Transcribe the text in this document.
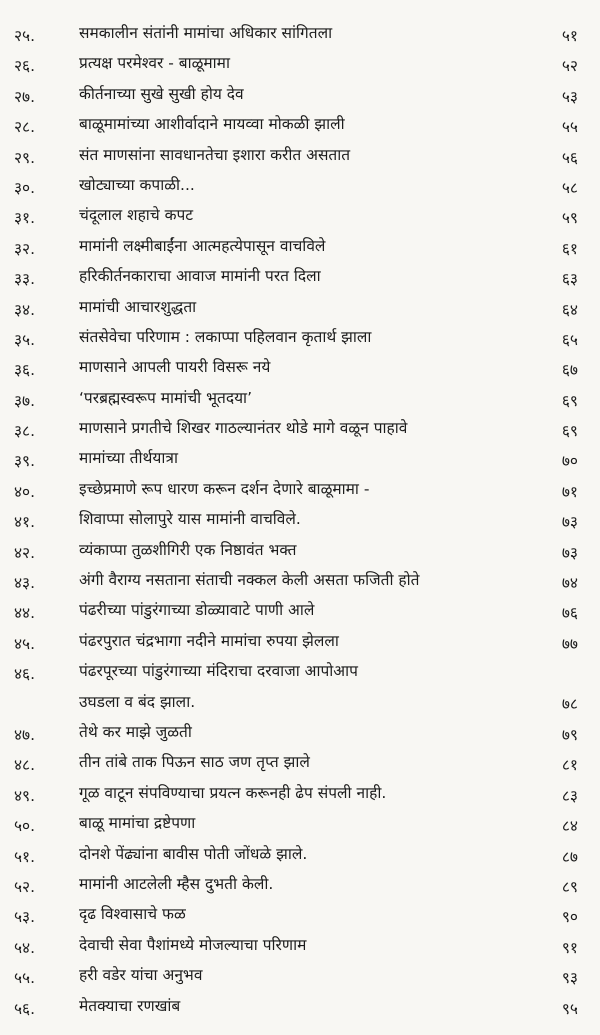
२५.	समकालीन संतांनी मामांचा अधिकार सांगितला	५१
२६.	प्रत्यक्ष परमेश्वर - बाळूमामा	५२
२७.	कीर्तनाच्या सुखे सुखी होय देव	५३
२८.	बाळूमामांच्या आशीर्वादाने मायव्वा मोकळी झाली	५५
२९.	संत माणसांना सावधानतेचा इशारा करीत असतात	५६
३०.	खोट्याच्या कपाळी...	५८
३१.	चंदूलाल शहाचे कपट	५९
३२.	मामांनी लक्ष्मीबाईंना आत्महत्येपासून वाचविले	६१
३३.	हरिकीर्तनकाराचा आवाज मामांनी परत दिला	६३
३४.	मामांची आचारशुद्धता	६४
३५.	संतसेवेचा परिणाम : लकाप्पा पहिलवान कृतार्थ झाला	६५
३६.	माणसाने आपली पायरी विसरू नये	६७
३७.	‘परब्रह्मस्वरूप मामांची भूतदया’	६९
३८.	माणसाने प्रगतीचे शिखर गाठल्यानंतर थोडे मागे वळून पाहावे	६९
३९.	मामांच्या तीर्थयात्रा	७०
४०.	इच्छेप्रमाणे रूप धारण करून दर्शन देणारे बाळूमामा -	७१
४१.	शिवाप्पा सोलापुरे यास मामांनी वाचविले.	७३
४२.	व्यंकाप्पा तुळशीगिरी एक निष्ठावंत भक्त	७३
४३.	अंगी वैराग्य नसताना संताची नक्कल केली असता फजिती होते	७४
४४.	पंढरीच्या पांडुरंगाच्या डोळ्यावाटे पाणी आले	७६
४५.	पंढरपुरात चंद्रभागा नदीने मामांचा रुपया झेलला	७७
४६.	पंढरपूरच्या पांडुरंगाच्या मंदिराचा दरवाजा आपोआप
उघडला व बंद झाला.	७८
४७.	तेथे कर माझे जुळती	७९
४८.	तीन तांबे ताक पिऊन साठ जण तृप्त झाले	८१
४९.	गूळ वाटून संपविण्याचा प्रयत्न करूनही ढेप संपली नाही.	८३
५०.	बाळू मामांचा द्रष्टेपणा	८४
५१.	दोनशे पेंढ्यांना बावीस पोती जोंधळे झाले.	८७
५२.	मामांनी आटलेली म्हैस दुभती केली.	८९
५३.	दृढ विश्वासाचे फळ	९०
५४.	देवाची सेवा पैशांमध्ये मोजल्याचा परिणाम	९१
५५.	हरी वडेर यांचा अनुभव	९३
५६.	मेतक्याचा रणखांब	९५
